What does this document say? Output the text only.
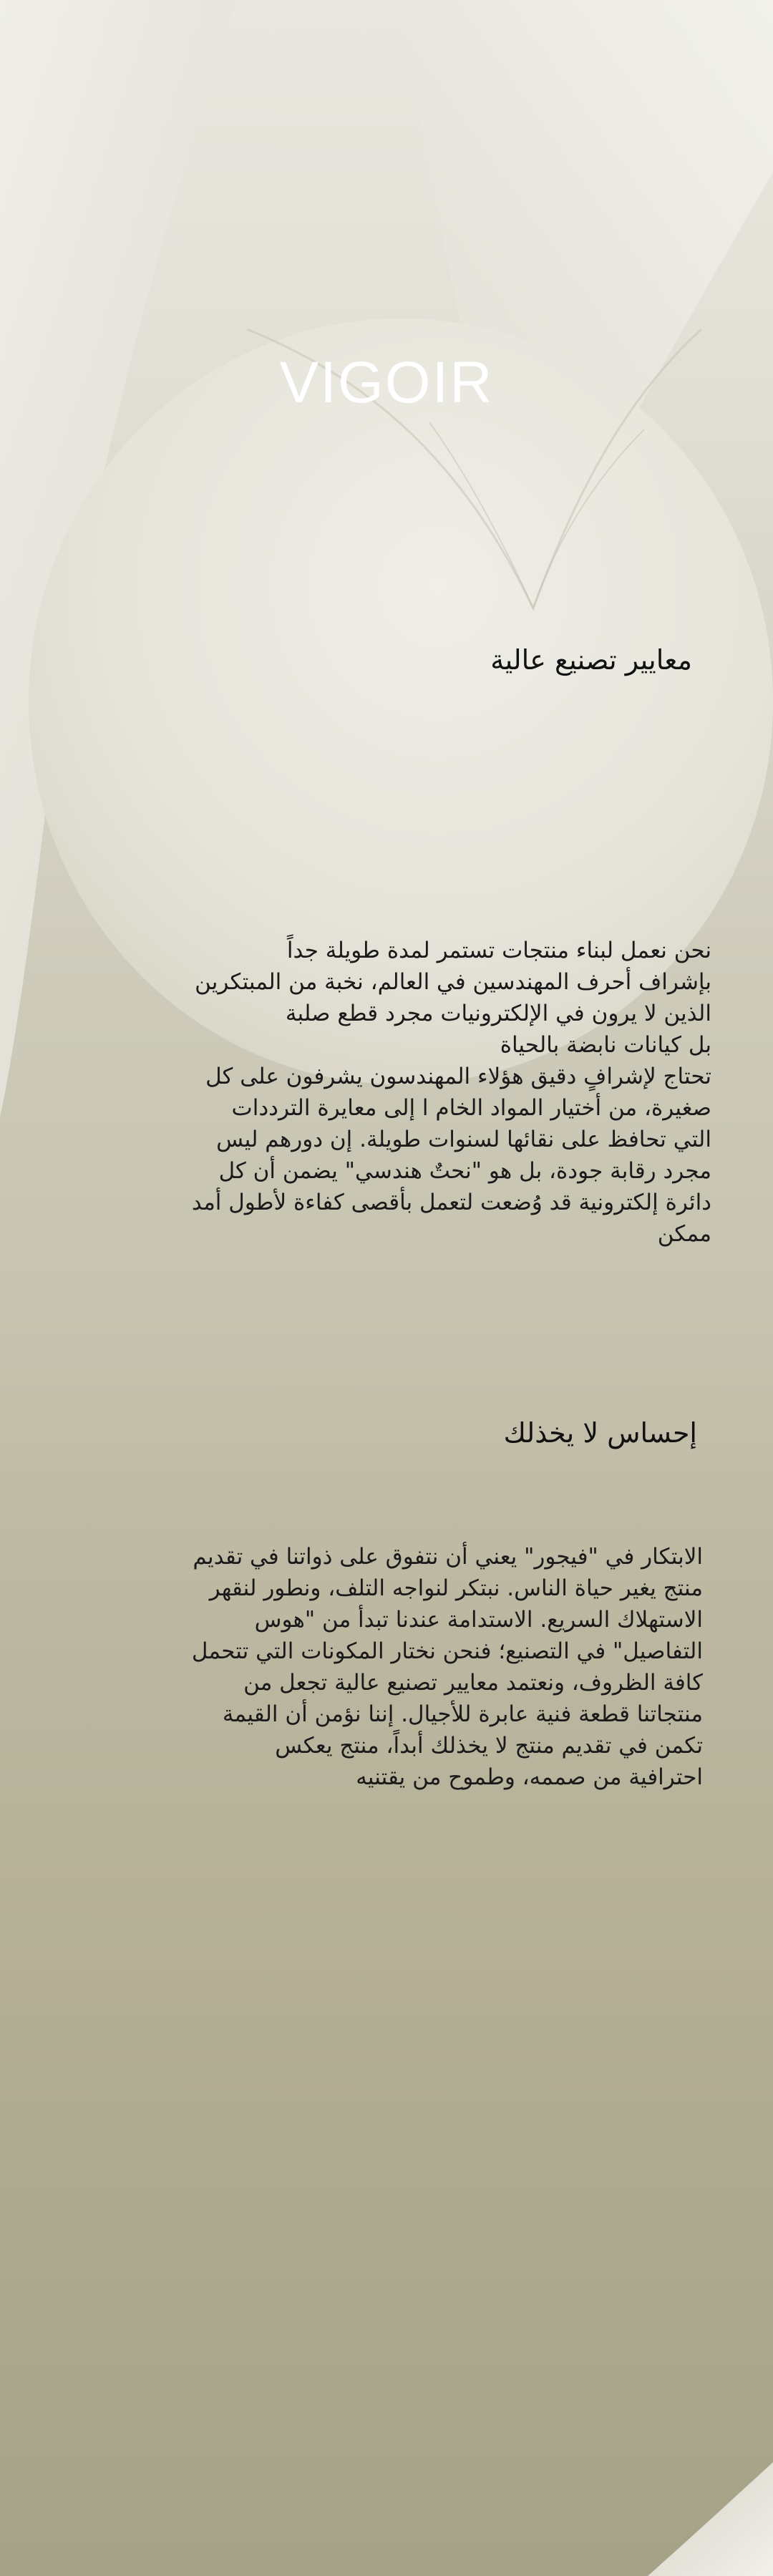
VIGOIR
معايير تصنيع عالية
نحن نعمل لبناء منتجات تستمر لمدة طويلة جداً
بإشراف أحرف المهندسين في العالم، نخبة من المبتكرين
الذين لا يرون في الإلكترونيات مجرد قطع صلبة
بل كيانات نابضة بالحياة
تحتاج لإشرافٍ دقيق هؤلاء المهندسون يشرفون على كل
صغيرة، من أختيار المواد الخام ا إلى معايرة الترددات
التي تحافظ على نقائها لسنوات طويلة. إن دورهم ليس
مجرد رقابة جودة، بل هو "نحتٌ هندسي" يضمن أن كل
دائرة إلكترونية قد وُضعت لتعمل بأقصى كفاءة لأطول أمد
ممكن
إحساس لا يخذلك
الابتكار في "فيجور" يعني أن نتفوق على ذواتنا في تقديم
منتج يغير حياة الناس. نبتكر لنواجه التلف، ونطور لنقهر
الاستهلاك السريع. الاستدامة عندنا تبدأ من "هوس
التفاصيل" في التصنيع؛ فنحن نختار المكونات التي تتحمل
كافة الظروف، ونعتمد معايير تصنيع عالية تجعل من
منتجاتنا قطعة فنية عابرة للأجيال. إننا نؤمن أن القيمة
تكمن في تقديم منتج لا يخذلك أبداً، منتج يعكس
احترافية من صممه، وطموح من يقتنيه
